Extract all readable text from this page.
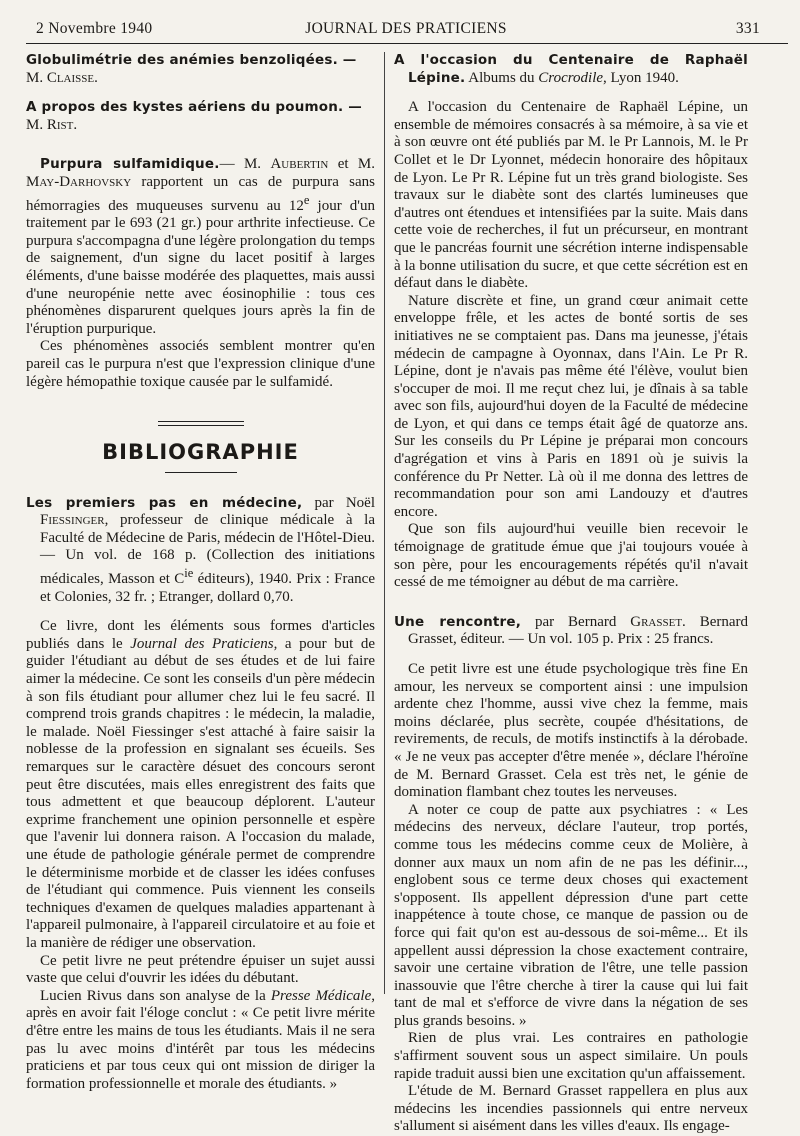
2 Novembre 1940	JOURNAL DES PRATICIENS	331

Globulimétrie des anémies benzoliqées. —
M. Claisse.

A propos des kystes aériens du poumon. —
M. Rist.

Purpura sulfamidique.— M. Aubertin et M. May-Darhovsky rapportent un cas de purpura sans hémorragies des muqueuses survenu au 12e jour d'un traitement par le 693 (21 gr.) pour arthrite infectieuse. Ce purpura s'accompagna d'une légère prolongation du temps de saignement, d'un signe du lacet positif à larges éléments, d'une baisse modérée des plaquettes, mais aussi d'une neuropénie nette avec éosinophilie : tous ces phénomènes disparurent quelques jours après la fin de l'éruption purpurique.

Ces phénomènes associés semblent montrer qu'en pareil cas le purpura n'est que l'expression clinique d'une légère hémopathie toxique causée par le sulfamidé.

BIBLIOGRAPHIE

Les premiers pas en médecine, par Noël Fiessinger, professeur de clinique médicale à la Faculté de Médecine de Paris, médecin de l'Hôtel-Dieu. — Un vol. de 168 p. (Collection des initiations médicales, Masson et $C^{ie}$ éditeurs), 1940. Prix : France et Colonies, 32 fr. ; Etranger, dollard 0,70.

Ce livre, dont les éléments sous formes d'articles publiés dans le Journal des Praticiens, a pour but de guider l'étudiant au début de ses études et de lui faire aimer la médecine. Ce sont les conseils d'un père médecin à son fils étudiant pour allumer chez lui le feu sacré. Il comprend trois grands chapitres : le médecin, la maladie, le malade. Noël Fiessinger s'est attaché à faire saisir la noblesse de la profession en signalant ses écueils. Ses remarques sur le caractère désuet des concours seront peut être discutées, mais elles enregistrent des faits que tous admettent et que beaucoup déplorent. L'auteur exprime franchement une opinion personnelle et espère que l'avenir lui donnera raison. A l'occasion du malade, une étude de pathologie générale permet de comprendre le déterminisme morbide et de classer les idées confuses de l'étudiant qui commence. Puis viennent les conseils techniques d'examen de quelques maladies appartenant à l'appareil pulmonaire, à l'appareil circulatoire et au foie et la manière de rédiger une observation.

Ce petit livre ne peut prétendre épuiser un sujet aussi vaste que celui d'ouvrir les idées du débutant.

Lucien Rivus dans son analyse de la Presse Médicale, après en avoir fait l'éloge conclut : « Ce petit livre mérite d'être entre les mains de tous les étudiants. Mais il ne sera pas lu avec moins d'intérêt par tous les médecins praticiens et par tous ceux qui ont mission de diriger la formation professionnelle et morale des étudiants. »

A l'occasion du Centenaire de Raphaël Lépine. Albums du Crocrodile, Lyon 1940.

A l'occasion du Centenaire de Raphaël Lépine, un ensemble de mémoires consacrés à sa mémoire, à sa vie et à son œuvre ont été publiés par M. le Pr Lannois, M. le Pr Collet et le Dr Lyonnet, médecin honoraire des hôpitaux de Lyon. Le Pr R. Lépine fut un très grand biologiste. Ses travaux sur le diabète sont des clartés lumineuses que d'autres ont étendues et intensifiées par la suite. Mais dans cette voie de recherches, il fut un précurseur, en montrant que le pancréas fournit une sécrétion interne indispensable à la bonne utilisation du sucre, et que cette sécrétion est en défaut dans le diabète.

Nature discrète et fine, un grand cœur animait cette enveloppe frêle, et les actes de bonté sortis de ses initiatives ne se comptaient pas. Dans ma jeunesse, j'étais médecin de campagne à Oyonnax, dans l'Ain. Le Pr R. Lépine, dont je n'avais pas même été l'élève, voulut bien s'occuper de moi. Il me reçut chez lui, je dînais à sa table avec son fils, aujourd'hui doyen de la Faculté de médecine de Lyon, et qui dans ce temps était âgé de quatorze ans. Sur les conseils du Pr Lépine je préparai mon concours d'agrégation et vins à Paris en 1891 où je suivis la conférence du Pr Netter. Là où il me donna des lettres de recommandation pour son ami Landouzy et d'autres encore.

Que son fils aujourd'hui veuille bien recevoir le témoignage de gratitude émue que j'ai toujours vouée à son père, pour les encouragements répétés qu'il n'avait cessé de me témoigner au début de ma carrière.

Une rencontre, par Bernard Grasset. Bernard Grasset, éditeur. — Un vol. 105 p. Prix : 25 francs.

Ce petit livre est une étude psychologique très fine En amour, les nerveux se comportent ainsi : une impulsion ardente chez l'homme, aussi vive chez la femme, mais moins déclarée, plus secrète, coupée d'hésitations, de revirements, de reculs, de motifs instinctifs à la dérobade. « Je ne veux pas accepter d'être menée », déclare l'héroïne de M. Bernard Grasset. Cela est très net, le génie de domination flambant chez toutes les nerveuses.

A noter ce coup de patte aux psychiatres : « Les médecins des nerveux, déclare l'auteur, trop portés, comme tous les médecins comme ceux de Molière, à donner aux maux un nom afin de ne pas les définir..., englobent sous ce terme deux choses qui exactement s'opposent. Ils appellent dépression d'une part cette inappétence à toute chose, ce manque de passion ou de force qui fait qu'on est au-dessous de soi-même... Et ils appellent aussi dépression la chose exactement contraire, savoir une certaine vibration de l'être, une telle passion inassouvie que l'être cherche à tirer la cause qui lui fait tant de mal et s'efforce de vivre dans la négation de ses plus grands besoins. »

Rien de plus vrai. Les contraires en pathologie s'affirment souvent sous un aspect similaire. Un pouls rapide traduit aussi bien une excitation qu'un affaissement.

L'étude de M. Bernard Grasset rappellera en plus aux médecins les incendies passionnels qui entre nerveux s'allument si aisément dans les villes d'eaux. Ils engage-
